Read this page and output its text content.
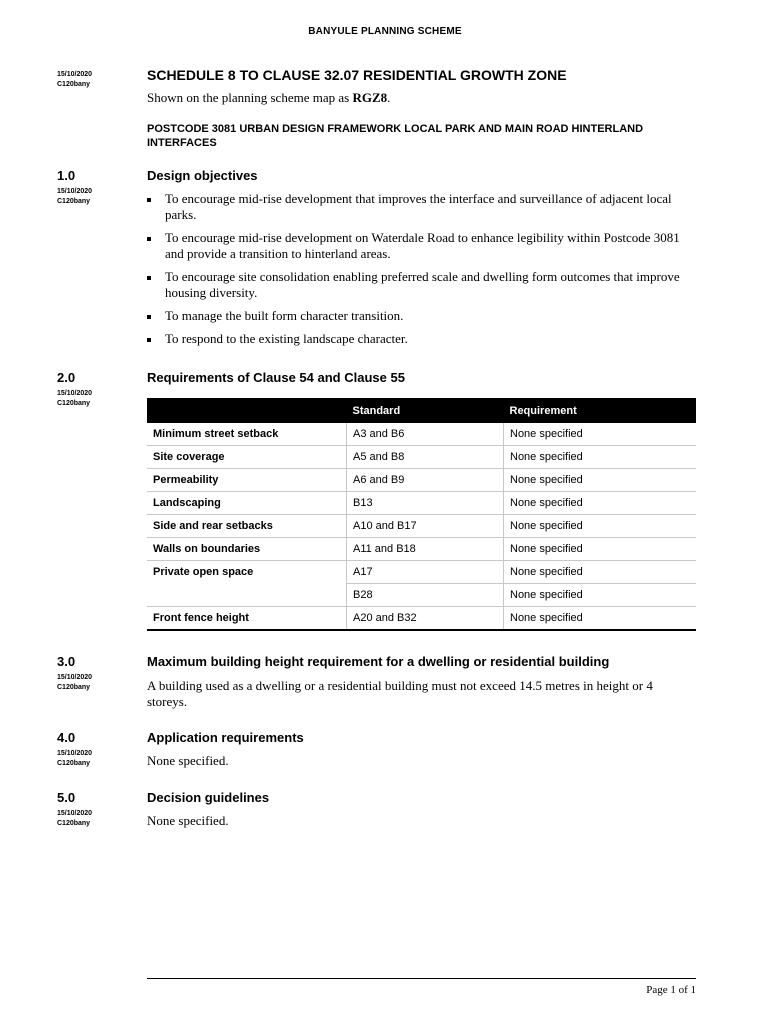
BANYULE PLANNING SCHEME
15/10/2020
C120bany
SCHEDULE 8 TO CLAUSE 32.07 RESIDENTIAL GROWTH ZONE
Shown on the planning scheme map as RGZ8.
POSTCODE 3081 URBAN DESIGN FRAMEWORK LOCAL PARK AND MAIN ROAD HINTERLAND INTERFACES
1.0
15/10/2020
C120bany
Design objectives
To encourage mid-rise development that improves the interface and surveillance of adjacent local parks.
To encourage mid-rise development on Waterdale Road to enhance legibility within Postcode 3081 and provide a transition to hinterland areas.
To encourage site consolidation enabling preferred scale and dwelling form outcomes that improve housing diversity.
To manage the built form character transition.
To respond to the existing landscape character.
2.0
15/10/2020
C120bany
Requirements of Clause 54 and Clause 55
	Standard	Requirement
Minimum street setback	A3 and B6	None specified
Site coverage	A5 and B8	None specified
Permeability	A6 and B9	None specified
Landscaping	B13	None specified
Side and rear setbacks	A10 and B17	None specified
Walls on boundaries	A11 and B18	None specified
Private open space	A17	None specified
	B28	None specified
Front fence height	A20 and B32	None specified
3.0
15/10/2020
C120bany
Maximum building height requirement for a dwelling or residential building
A building used as a dwelling or a residential building must not exceed 14.5 metres in height or 4 storeys.
4.0
15/10/2020
C120bany
Application requirements
None specified.
5.0
15/10/2020
C120bany
Decision guidelines
None specified.
Page 1 of 1
